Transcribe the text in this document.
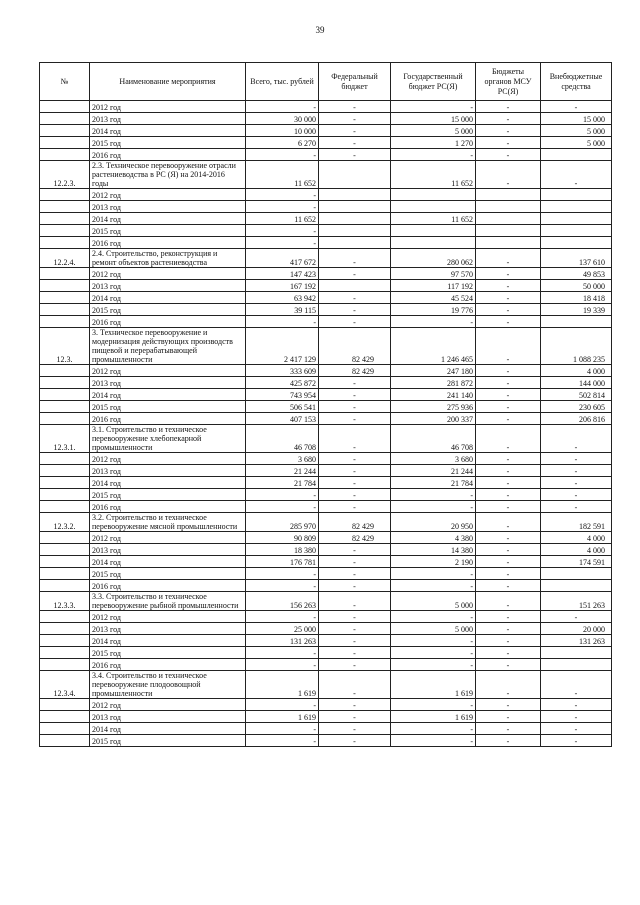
39
№	Наименование мероприятия	Всего, тыс. рублей	Федеральный бюджет	Государственный бюджет РС(Я)	Бюджеты органов МСУ РС(Я)	Внебюджетные средства
	2012 год	-	-	-	-	-
	2013 год	30 000	-	15 000	-	15 000
	2014 год	10 000	-	5 000	-	5 000
	2015 год	6 270	-	1 270	-	5 000
	2016 год	-	-	-	-	
12.2.3.	2.3. Техническое перевооружение отрасли растениеводства в РС (Я) на 2014-2016 годы	11 652		11 652	-	-
	2012 год	-				
	2013 год	-				
	2014 год	11 652		11 652		
	2015 год	-				
	2016 год	-				
12.2.4.	2.4. Строительство, реконструкция и ремонт объектов растениеводства	417 672	-	280 062	-	137 610
	2012 год	147 423	-	97 570	-	49 853
	2013 год	167 192		117 192	-	50 000
	2014 год	63 942	-	45 524	-	18 418
	2015 год	39 115	-	19 776	-	19 339
	2016 год	-	-	-	-	
12.3.	3. Техническое перевооружение и модернизация действующих производств пищевой и перерабатывающей промышленности	2 417 129	82 429	1 246 465	-	1 088 235
	2012 год	333 609	82 429	247 180	-	4 000
	2013 год	425 872	-	281 872	-	144 000
	2014 год	743 954	-	241 140	-	502 814
	2015 год	506 541	-	275 936	-	230 605
	2016 год	407 153	-	200 337	-	206 816
12.3.1.	3.1. Строительство и техническое перевооружение хлебопекарной промышленности	46 708	-	46 708	-	-
	2012 год	3 680	-	3 680	-	-
	2013 год	21 244	-	21 244	-	-
	2014 год	21 784	-	21 784	-	-
	2015 год	-	-	-	-	-
	2016 год	-	-	-	-	-
12.3.2.	3.2. Строительство и техническое перевооружение мясной промышленности	285 970	82 429	20 950	-	182 591
	2012 год	90 809	82 429	4 380	-	4 000
	2013 год	18 380	-	14 380	-	4 000
	2014 год	176 781	-	2 190	-	174 591
	2015 год	-	-	-	-	
	2016 год	-	-	-	-	
12.3.3.	3.3. Строительство и техническое перевооружение рыбной промышленности	156 263	-	5 000	-	151 263
	2012 год	-	-	-	-	-
	2013 год	25 000	-	5 000	-	20 000
	2014 год	131 263	-	-	-	131 263
	2015 год	-	-	-	-	
	2016 год	-	-	-	-	
12.3.4.	3.4. Строительство и техническое перевооружение плодоовощной промышленности	1 619	-	1 619	-	-
	2012 год	-	-	-	-	-
	2013 год	1 619	-	1 619	-	-
	2014 год	-	-	-	-	-
	2015 год	-	-	-	-	-
